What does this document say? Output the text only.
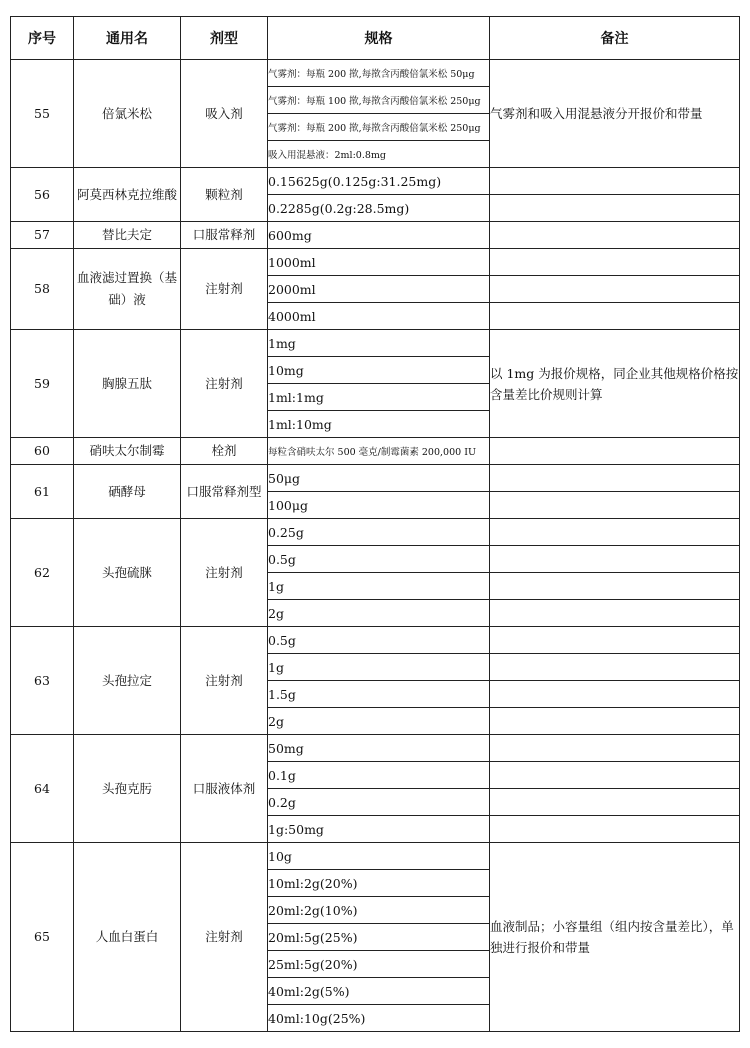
序号	通用名	剂型	规格	备注
55	倍氯米松	吸入剂	气雾剂：每瓶 200 揿,每揿含丙酸倍氯米松 50μg	气雾剂和吸入用混悬液分开报价和带量
			气雾剂：每瓶 100 揿,每揿含丙酸倍氯米松 250μg	
			气雾剂：每瓶 200 揿,每揿含丙酸倍氯米松 250μg	
			吸入用混悬液：2ml:0.8mg	
56	阿莫西林克拉维酸	颗粒剂	0.15625g(0.125g:31.25mg)	
			0.2285g(0.2g:28.5mg)	
57	替比夫定	口服常释剂	600mg	
58	血液滤过置换（基础）液	注射剂	1000ml	
			2000ml	
			4000ml	
59	胸腺五肽	注射剂	1mg	以 1mg 为报价规格，同企业其他规格价格按含量差比价规则计算
			10mg	
			1ml:1mg	
			1ml:10mg	
60	硝呋太尔制霉	栓剂	每粒含硝呋太尔 500 毫克/制霉菌素 200,000 IU	
61	硒酵母	口服常释剂型	50μg	
			100μg	
62	头孢硫脒	注射剂	0.25g	
			0.5g	
			1g	
			2g	
63	头孢拉定	注射剂	0.5g	
			1g	
			1.5g	
			2g	
64	头孢克肟	口服液体剂	50mg	
			0.1g	
			0.2g	
			1g:50mg	
65	人血白蛋白	注射剂	10g	血液制品；小容量组（组内按含量差比），单独进行报价和带量
			10ml:2g(20%)	
			20ml:2g(10%)	
			20ml:5g(25%)	
			25ml:5g(20%)	
			40ml:2g(5%)	
			40ml:10g(25%)	
